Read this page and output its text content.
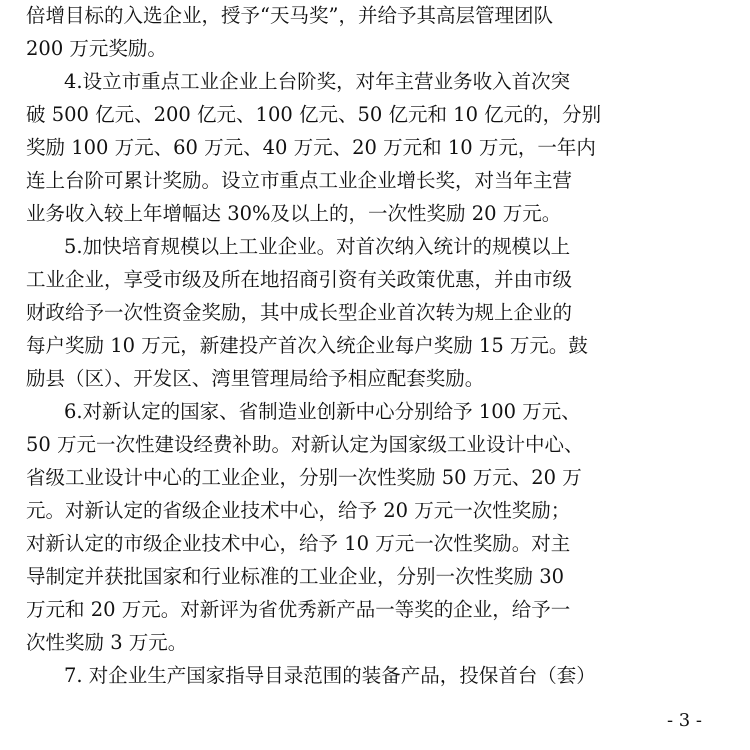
倍增目标的入选企业，授予“天马奖”，并给予其高层管理团队
200 万元奖励。
4.设立市重点工业企业上台阶奖，对年主营业务收入首次突
破 500 亿元、200 亿元、100 亿元、50 亿元和 10 亿元的，分别
奖励 100 万元、60 万元、40 万元、20 万元和 10 万元，一年内
连上台阶可累计奖励。设立市重点工业企业增长奖，对当年主营
业务收入较上年增幅达 30%及以上的，一次性奖励 20 万元。
5.加快培育规模以上工业企业。对首次纳入统计的规模以上
工业企业，享受市级及所在地招商引资有关政策优惠，并由市级
财政给予一次性资金奖励，其中成长型企业首次转为规上企业的
每户奖励 10 万元，新建投产首次入统企业每户奖励 15 万元。鼓
励县（区）、开发区、湾里管理局给予相应配套奖励。
6.对新认定的国家、省制造业创新中心分别给予 100 万元、
50 万元一次性建设经费补助。对新认定为国家级工业设计中心、
省级工业设计中心的工业企业，分别一次性奖励 50 万元、20 万
元。对新认定的省级企业技术中心，给予 20 万元一次性奖励；
对新认定的市级企业技术中心，给予 10 万元一次性奖励。对主
导制定并获批国家和行业标准的工业企业，分别一次性奖励 30
万元和 20 万元。对新评为省优秀新产品一等奖的企业，给予一
次性奖励 3 万元。
7. 对企业生产国家指导目录范围的装备产品，投保首台（套）
- 3 -
